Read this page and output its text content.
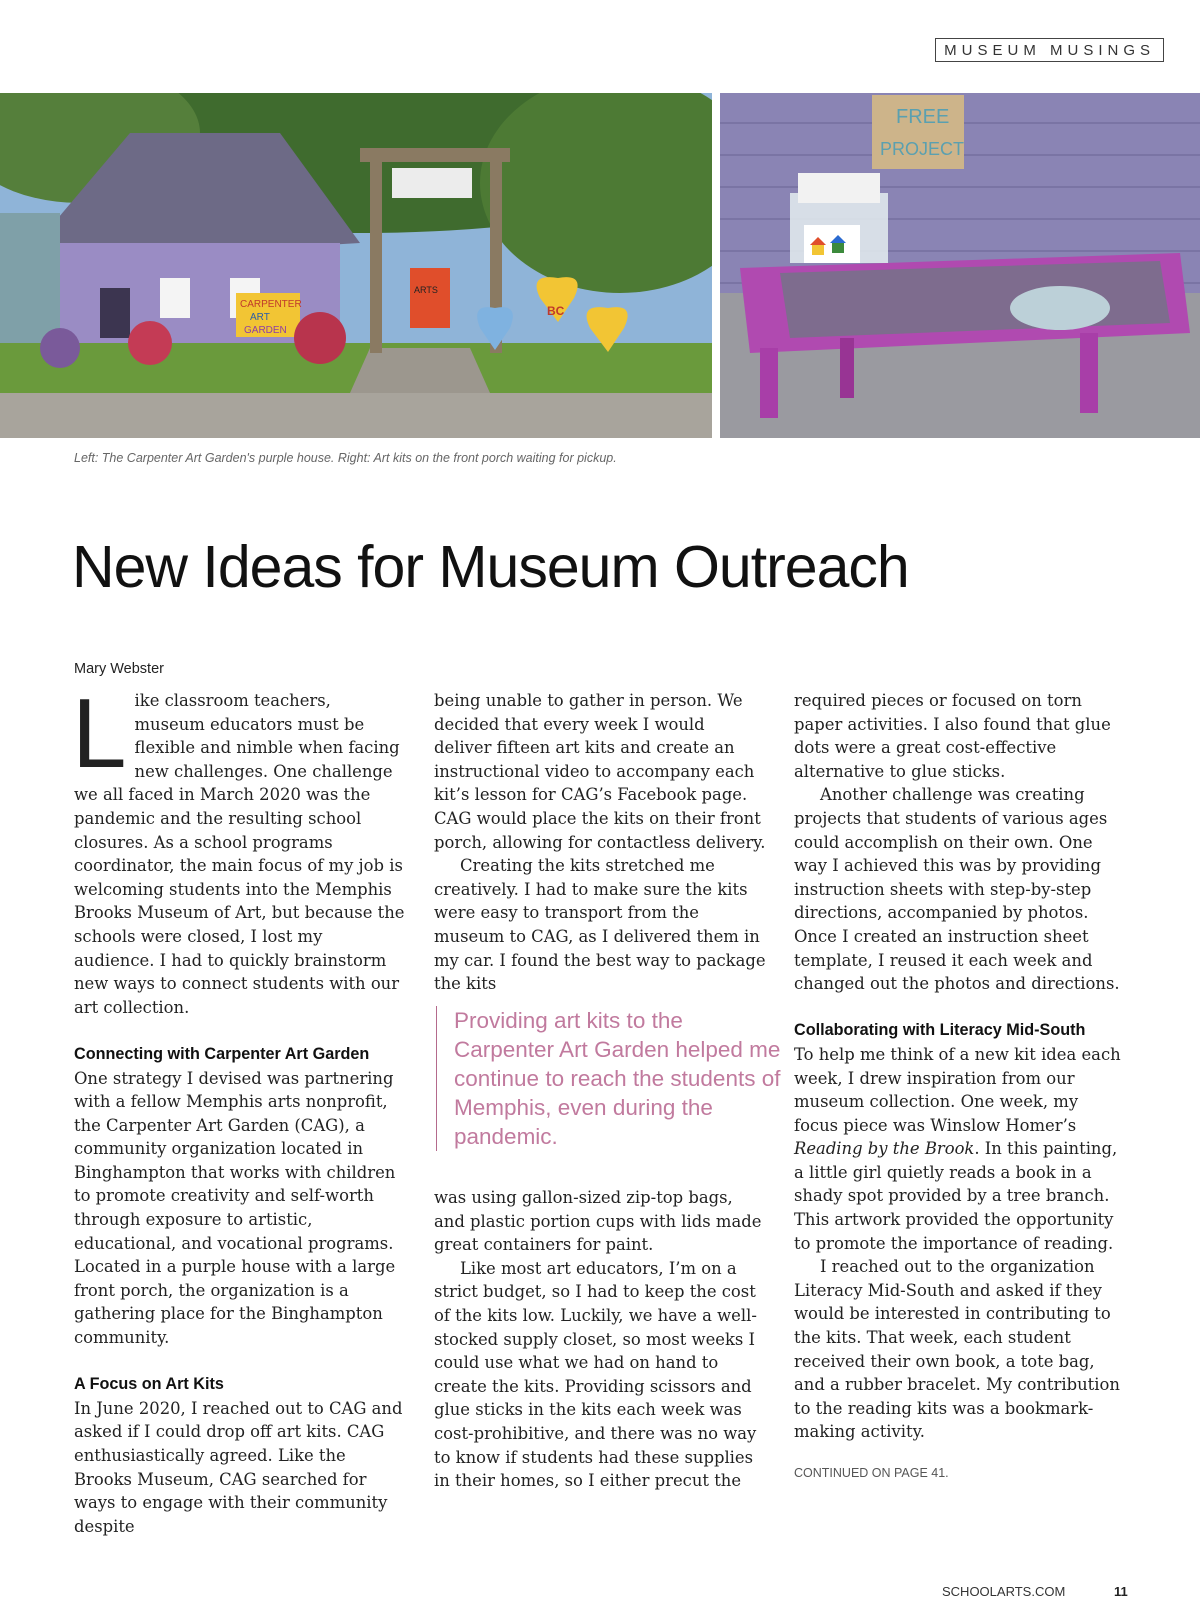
MUSEUM MUSINGS
CARPENTER
ART
GARDEN
ARTS
BC
FREE
PROJECT
Left: The Carpenter Art Garden's purple house. Right: Art kits on the front porch waiting for pickup.
New Ideas for Museum Outreach
Mary Webster

Like classroom teachers, museum educators must be flexible and nimble when facing new challenges. One challenge we all faced in March 2020 was the pandemic and the resulting school closures. As a school programs coordinator, the main focus of my job is welcoming students into the Memphis Brooks Museum of Art, but because the schools were closed, I lost my audience. I had to quickly brainstorm new ways to connect students with our art collection.

Connecting with Carpenter Art Garden

One strategy I devised was partnering with a fellow Memphis arts nonprofit, the Carpenter Art Garden (CAG), a community organization located in Binghampton that works with children to promote creativity and self-worth through exposure to artistic, educational, and vocational programs. Located in a purple house with a large front porch, the organization is a gathering place for the Binghampton community.

A Focus on Art Kits

In June 2020, I reached out to CAG and asked if I could drop off art kits. CAG enthusiastically agreed. Like the Brooks Museum, CAG searched for ways to engage with their community despite

being unable to gather in person. We decided that every week I would deliver fifteen art kits and create an instructional video to accompany each kit’s lesson for CAG’s Facebook page. CAG would place the kits on their front porch, allowing for contactless delivery.

Creating the kits stretched me creatively. I had to make sure the kits were easy to transport from the museum to CAG, as I delivered them in my car. I found the best way to package the kits

Providing art kits to the Carpenter Art Garden helped me continue to reach the students of Memphis, even during the pandemic.

was using gallon-sized zip-top bags, and plastic portion cups with lids made great containers for paint.

Like most art educators, I’m on a strict budget, so I had to keep the cost of the kits low. Luckily, we have a well-stocked supply closet, so most weeks I could use what we had on hand to create the kits. Providing scissors and glue sticks in the kits each week was cost-prohibitive, and there was no way to know if students had these supplies in their homes, so I either precut the

required pieces or focused on torn paper activities. I also found that glue dots were a great cost-effective alternative to glue sticks.

Another challenge was creating projects that students of various ages could accomplish on their own. One way I achieved this was by providing instruction sheets with step-by-step directions, accompanied by photos. Once I created an instruction sheet template, I reused it each week and changed out the photos and directions.

Collaborating with Literacy Mid-South

To help me think of a new kit idea each week, I drew inspiration from our museum collection. One week, my focus piece was Winslow Homer’s Reading by the Brook. In this painting, a little girl quietly reads a book in a shady spot provided by a tree branch. This artwork provided the opportunity to promote the importance of reading.

I reached out to the organization Literacy Mid-South and asked if they would be interested in contributing to the kits. That week, each student received their own book, a tote bag, and a rubber bracelet. My contribution to the reading kits was a bookmark-making activity.

CONTINUED ON PAGE 41.
SCHOOLARTS.COM	11
